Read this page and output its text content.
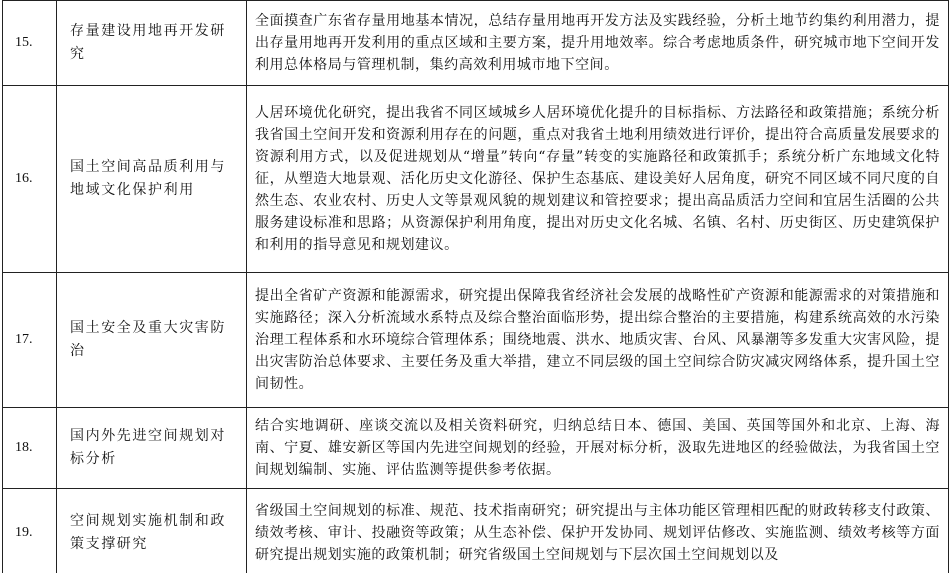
15.	存量建设用地再开发研究	全面摸查广东省存量用地基本情况，总结存量用地再开发方法及实践经验，分析土地节约集约利用潜力，提出存量用地再开发利用的重点区域和主要方案，提升用地效率。综合考虑地质条件，研究城市地下空间开发利用总体格局与管理机制，集约高效利用城市地下空间。
16.	国土空间高品质利用与地域文化保护利用	人居环境优化研究，提出我省不同区域城乡人居环境优化提升的目标指标、方法路径和政策措施；系统分析我省国土空间开发和资源利用存在的问题，重点对我省土地利用绩效进行评价，提出符合高质量发展要求的资源利用方式，以及促进规划从“增量”转向“存量”转变的实施路径和政策抓手；系统分析广东地域文化特征，从塑造大地景观、活化历史文化游径、保护生态基底、建设美好人居角度，研究不同区域不同尺度的自然生态、农业农村、历史人文等景观风貌的规划建议和管控要求；提出高品质活力空间和宜居生活圈的公共服务建设标准和思路；从资源保护利用角度，提出对历史文化名城、名镇、名村、历史街区、历史建筑保护和利用的指导意见和规划建议。
17.	国土安全及重大灾害防治	提出全省矿产资源和能源需求，研究提出保障我省经济社会发展的战略性矿产资源和能源需求的对策措施和实施路径；深入分析流域水系特点及综合整治面临形势，提出综合整治的主要措施，构建系统高效的水污染治理工程体系和水环境综合管理体系；围绕地震、洪水、地质灾害、台风、风暴潮等多发重大灾害风险，提出灾害防治总体要求、主要任务及重大举措，建立不同层级的国土空间综合防灾减灾网络体系，提升国土空间韧性。
18.	国内外先进空间规划对标分析	结合实地调研、座谈交流以及相关资料研究，归纳总结日本、德国、美国、英国等国外和北京、上海、海南、宁夏、雄安新区等国内先进空间规划的经验，开展对标分析，汲取先进地区的经验做法，为我省国土空间规划编制、实施、评估监测等提供参考依据。
19.	空间规划实施机制和政策支撑研究	省级国土空间规划的标准、规范、技术指南研究；研究提出与主体功能区管理相匹配的财政转移支付政策、绩效考核、审计、投融资等政策；从生态补偿、保护开发协同、规划评估修改、实施监测、绩效考核等方面研究提出规划实施的政策机制；研究省级国土空间规划与下层次国土空间规划以及
